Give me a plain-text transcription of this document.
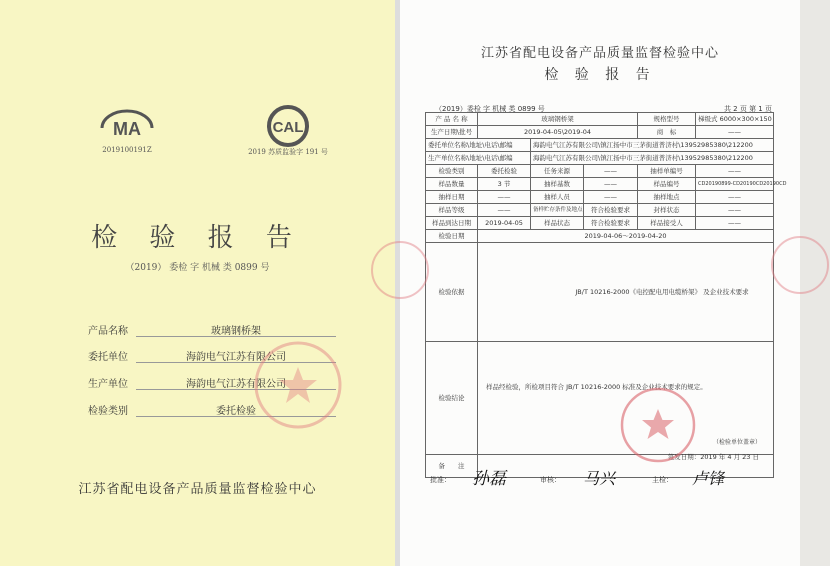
MA
2019100191Z
CAL
2019 苏质监验字 191 号
检 验 报 告
（2019） 委检 字 机械 类 0899 号
产品名称	玻璃钢桥架
委托单位	海韵电气江苏有限公司
生产单位	海韵电气江苏有限公司
检验类别	委托检验
江苏省配电设备产品质量监督检验中心
江苏省配电设备产品质量监督检验中心
检 验 报 告
（2019）委检 字 机械 类 0899 号	共 2 页 第 1 页
产 品 名 称	玻璃钢桥架			规格型号	梯级式 6000×300×150
生产日期\批号	2019-04-05\2019-04			商　标	——
委托单位名称\地址\电话\邮编		海韵电气江苏有限公司\镇江扬中市三茅街道普济村\13952985380\212200			
生产单位名称\地址\电话\邮编		海韵电气江苏有限公司\镇江扬中市三茅街道普济村\13952985380\212200			
检验类别	委托检验	任务来源	——	抽样单编号	——
样品数量	3 节	抽样基数	——	样品编号	CD20190899-CD20190CD20190CD
抽样日期	——	抽样人员	——	抽样地点	——
样品等级	——	备样贮存条件及地点	符合检验要求	封样状态	——
样品到达日期	2019-04-05	样品状态	符合检验要求	样品接受人	——
检验日期	2019-04-06～2019-04-20				
检验依据	JB/T 10216-2000《电控配电用电缆桥架》 及企业技术要求				
检验结论	样品经检验，所检项目符合 JB/T 10216-2000 标准及企业技术要求的规定。
（检验单位盖章）
签发日期：2019 年 4 月 23 日				

备　　注					
批准：	审核：	主检：
孙磊	马兴	卢锋
